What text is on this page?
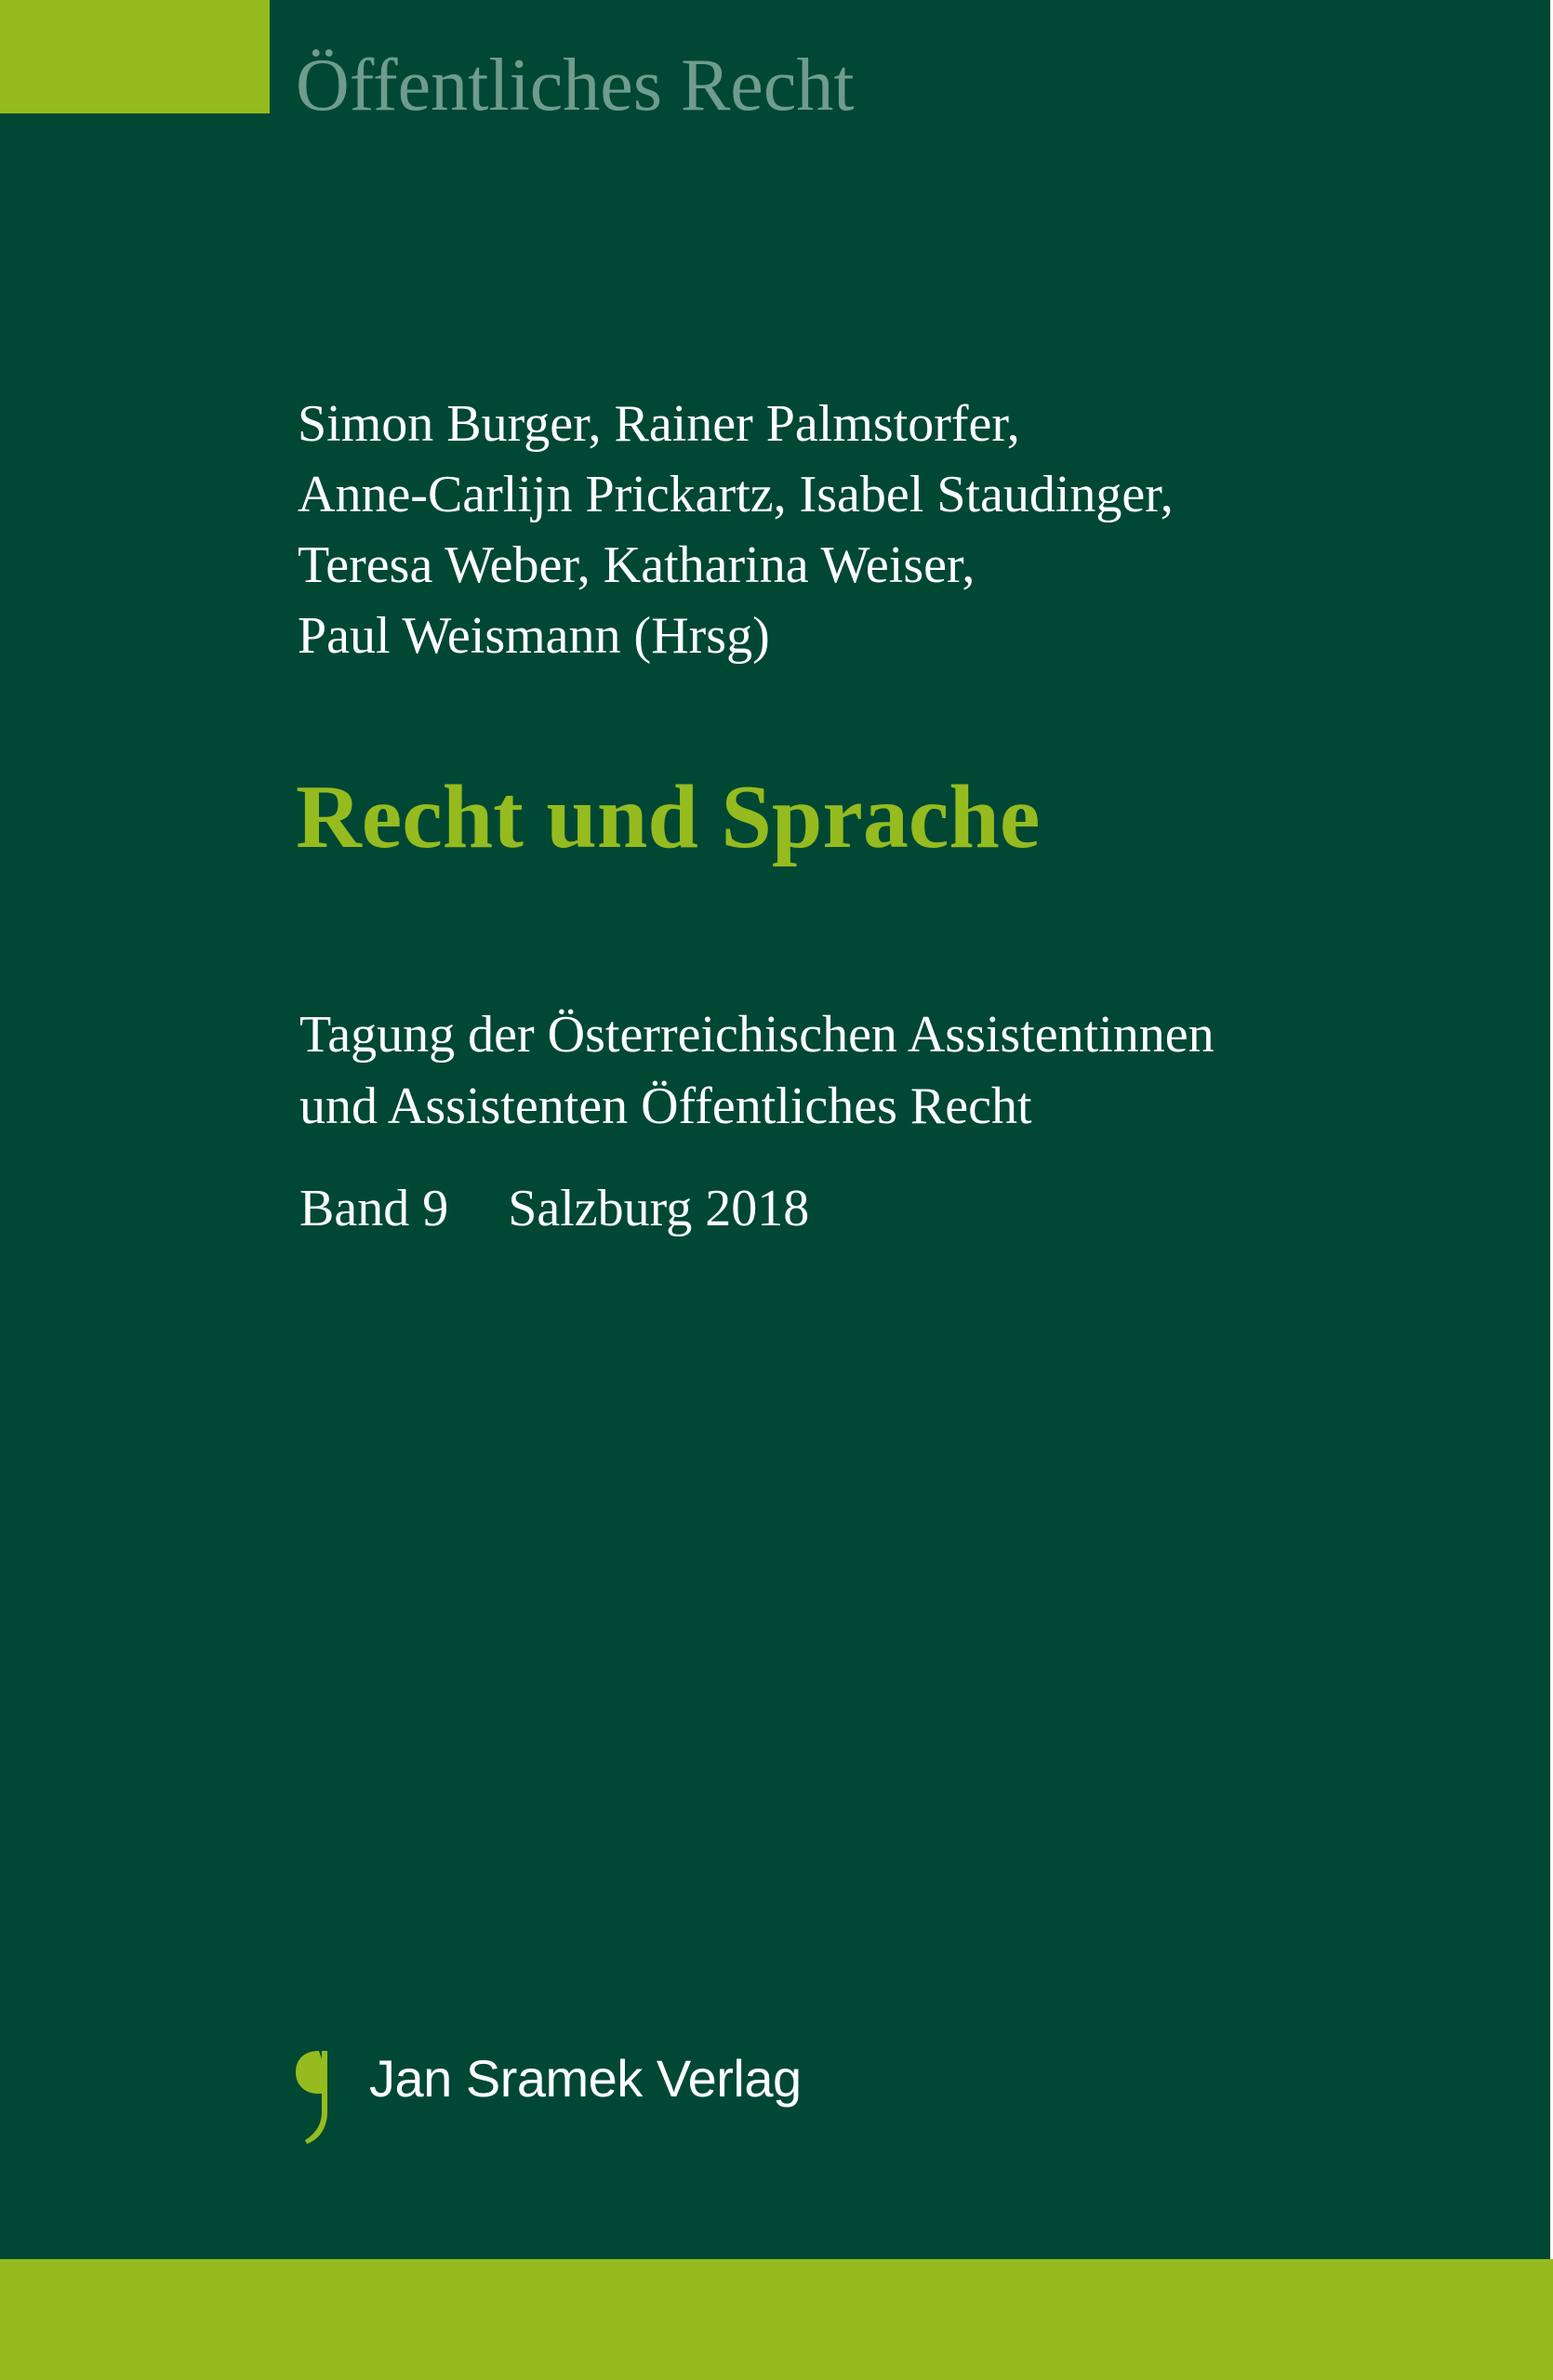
Öffentliches Recht
Simon Burger, Rainer Palmstorfer,
Anne-Carlijn Prickartz, Isabel Staudinger,
Teresa Weber, Katharina Weiser,
Paul Weismann (Hrsg)
Recht und Sprache
Tagung der Österreichischen Assistentinnen
und Assistenten Öffentliches Recht
Band 9 Salzburg 2018
Jan Sramek Verlag
